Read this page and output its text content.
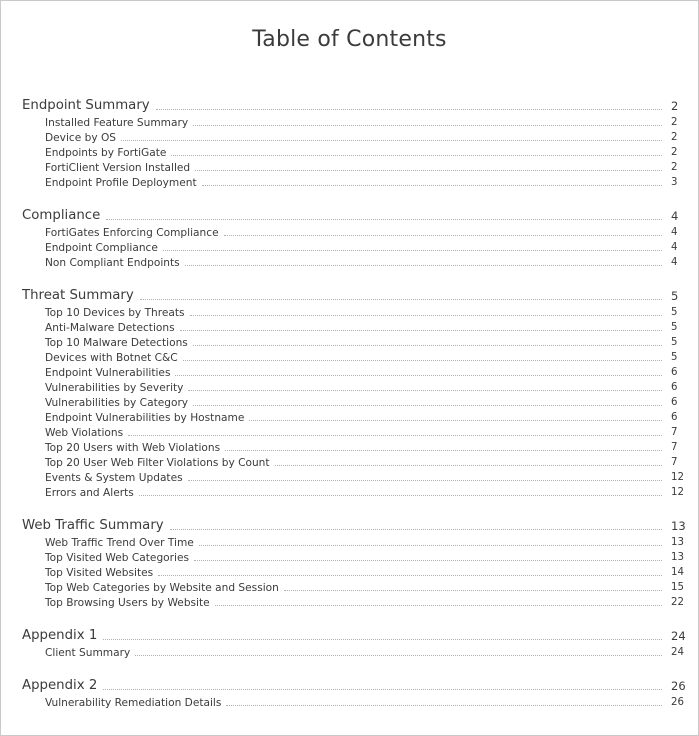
Table of Contents
Endpoint Summary	2
Installed Feature Summary	2
Device by OS	2
Endpoints by FortiGate	2
FortiClient Version Installed	2
Endpoint Profile Deployment	3
Compliance	4
FortiGates Enforcing Compliance	4
Endpoint Compliance	4
Non Compliant Endpoints	4
Threat Summary	5
Top 10 Devices by Threats	5
Anti-Malware Detections	5
Top 10 Malware Detections	5
Devices with Botnet C&C	5
Endpoint Vulnerabilities	6
Vulnerabilities by Severity	6
Vulnerabilities by Category	6
Endpoint Vulnerabilities by Hostname	6
Web Violations	7
Top 20 Users with Web Violations	7
Top 20 User Web Filter Violations by Count	7
Events & System Updates	12
Errors and Alerts	12
Web Traffic Summary	13
Web Traffic Trend Over Time	13
Top Visited Web Categories	13
Top Visited Websites	14
Top Web Categories by Website and Session	15
Top Browsing Users by Website	22
Appendix 1	24
Client Summary	24
Appendix 2	26
Vulnerability Remediation Details	26
